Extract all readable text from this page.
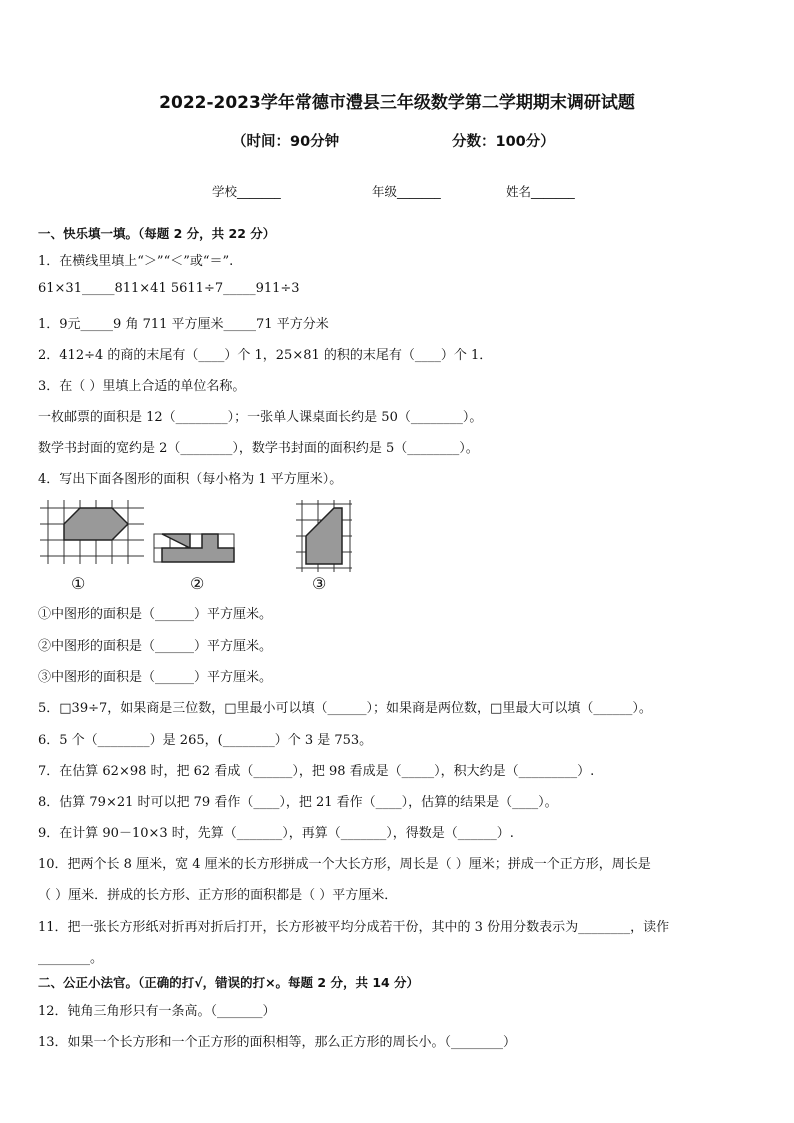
2022-2023学年常德市澧县三年级数学第二学期期末调研试题
（时间：90分钟	分数：100分）
学校_______	年级_______	姓名_______
一、快乐填一填。（每题 2 分，共 22 分）
1．在横线里填上“＞”“＜”或“＝”.
61×31_____811×41 5611÷7_____911÷3
1．9元_____9 角 711 平方厘米_____71 平方分米
2．412÷4 的商的末尾有（____）个 1，25×81 的积的末尾有（____）个 1．
3．在（ ）里填上合适的单位名称。
一枚邮票的面积是 12（________）；一张单人课桌面长约是 50（________）。
数学书封面的宽约是 2（________），数学书封面的面积约是 5（________）。
4．写出下面各图形的面积（每小格为 1 平方厘米）。
①	②	③
①中图形的面积是（______）平方厘米。
②中图形的面积是（______）平方厘米。
③中图形的面积是（______）平方厘米。
5．□39÷7，如果商是三位数，□里最小可以填（______）；如果商是两位数，□里最大可以填（______）。
6．5 个（________）是 265，(________）个 3 是 753。
7．在估算 62×98 时，把 62 看成（______），把 98 看成是（_____），积大约是（_________）.
8．估算 79×21 时可以把 79 看作（____），把 21 看作（____），估算的结果是（____）。
9．在计算 90－10×3 时，先算（_______），再算（_______），得数是（______）.
10．把两个长 8 厘米，宽 4 厘米的长方形拼成一个大长方形，周长是（ ）厘米；拼成一个正方形，周长是
（ ）厘米．拼成的长方形、正方形的面积都是（ ）平方厘米．
11．把一张长方形纸对折再对折后打开，长方形被平均分成若干份，其中的 3 份用分数表示为________，读作
________。
二、公正小法官。（正确的打√，错误的打×。每题 2 分，共 14 分）
12．钝角三角形只有一条高。（_______）
13．如果一个长方形和一个正方形的面积相等，那么正方形的周长小。（________）
